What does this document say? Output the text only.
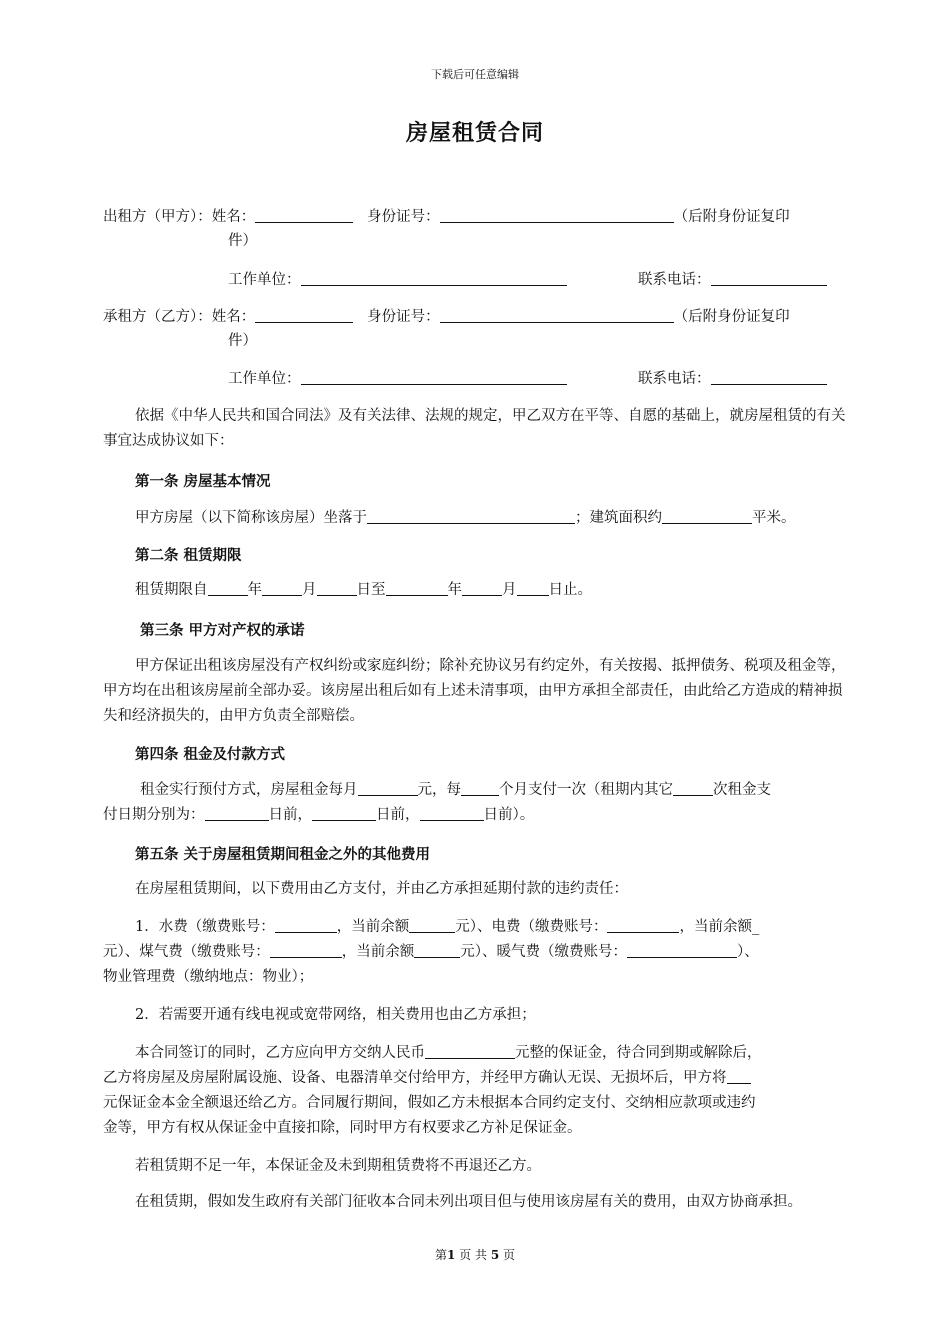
下载后可任意编辑
房屋租赁合同
出租方（甲方）：姓名：	身份证号：	（后附身份证复印
件）
工作单位：	联系电话：
承租方（乙方）：姓名：	身份证号：	（后附身份证复印
件）
工作单位：	联系电话：
依据《中华人民共和国合同法》及有关法律、法规的规定，甲乙双方在平等、自愿的基础上，就房屋租赁的有关事宜达成协议如下：
第一条 房屋基本情况
甲方房屋（以下简称该房屋）坐落于	；建筑面积约	平米。
第二条 租赁期限
租赁期限自	年	月	日至	年	月 日止。
第三条 甲方对产权的承诺
甲方保证出租该房屋没有产权纠纷或家庭纠纷；除补充协议另有约定外，有关按揭、抵押债务、税项及租金等，甲方均在出租该房屋前全部办妥。该房屋出租后如有上述未清事项，由甲方承担全部责任，由此给乙方造成的精神损失和经济损失的，由甲方负责全部赔偿。
第四条 租金及付款方式
租金实行预付方式，房屋租金每月	元，每	个月支付一次（租期内其它	次租金支
付日期分别为：	日前，	日前，	日前）。
第五条 关于房屋租赁期间租金之外的其他费用
在房屋租赁期间，以下费用由乙方支付，并由乙方承担延期付款的违约责任：
1．水费（缴费账号：	，当前余额	元）、电费（缴费账号：	，当前余额_
元）、煤气费（缴费账号：	，当前余额	元）、暖气费（缴费账号：	）、
物业管理费（缴纳地点：物业）；
2．若需要开通有线电视或宽带网络，相关费用也由乙方承担；
本合同签订的同时，乙方应向甲方交纳人民币	元整的保证金，待合同到期或解除后，
乙方将房屋及房屋附属设施、设备、电器清单交付给甲方，并经甲方确认无误、无损坏后，甲方将
元保证金本金全额退还给乙方。合同履行期间，假如乙方未根据本合同约定支付、交纳相应款项或违约
金等，甲方有权从保证金中直接扣除，同时甲方有权要求乙方补足保证金。
若租赁期不足一年，本保证金及未到期租赁费将不再退还乙方。
在租赁期，假如发生政府有关部门征收本合同未列出项目但与使用该房屋有关的费用，由双方协商承担。
第1 页 共 5 页
